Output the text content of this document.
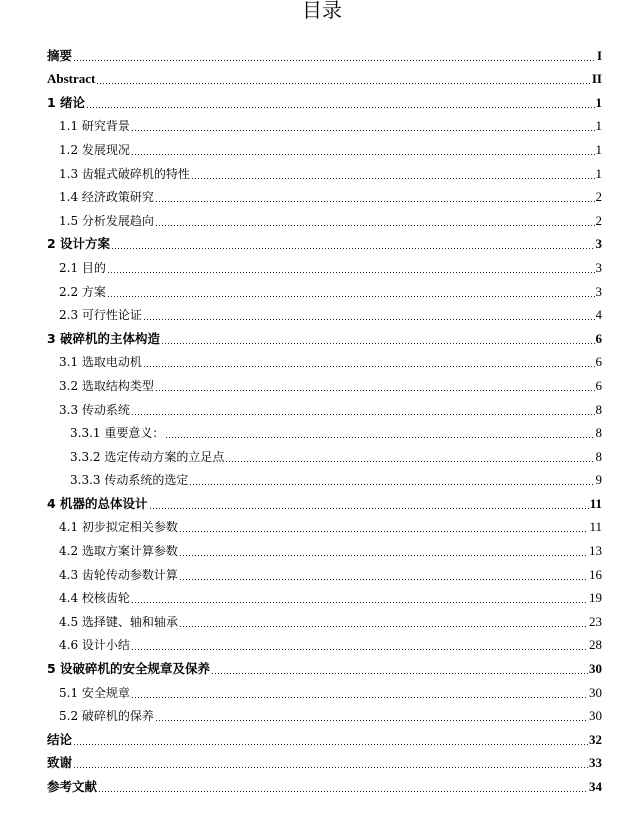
目录
摘要	I
Abstract	II
1 绪论	1
1.1 研究背景	1
1.2 发展现况	1
1.3 齿辊式破碎机的特性	1
1.4 经济政策研究	2
1.5 分析发展趋向	2
2 设计方案	3
2.1 目的	3
2.2 方案	3
2.3 可行性论证	4
3 破碎机的主体构造	6
3.1 选取电动机	6
3.2 选取结构类型	6
3.3 传动系统	8
3.3.1 重要意义：	8
3.3.2 选定传动方案的立足点	8
3.3.3 传动系统的选定	9
4 机器的总体设计	11
4.1 初步拟定相关参数	11
4.2 选取方案计算参数	13
4.3 齿轮传动参数计算	16
4.4 校核齿轮	19
4.5 选择键、轴和轴承	23
4.6 设计小结	28
5 设破碎机的安全规章及保养	30
5.1 安全规章	30
5.2 破碎机的保养	30
结论	32
致谢	33
参考文献	34
